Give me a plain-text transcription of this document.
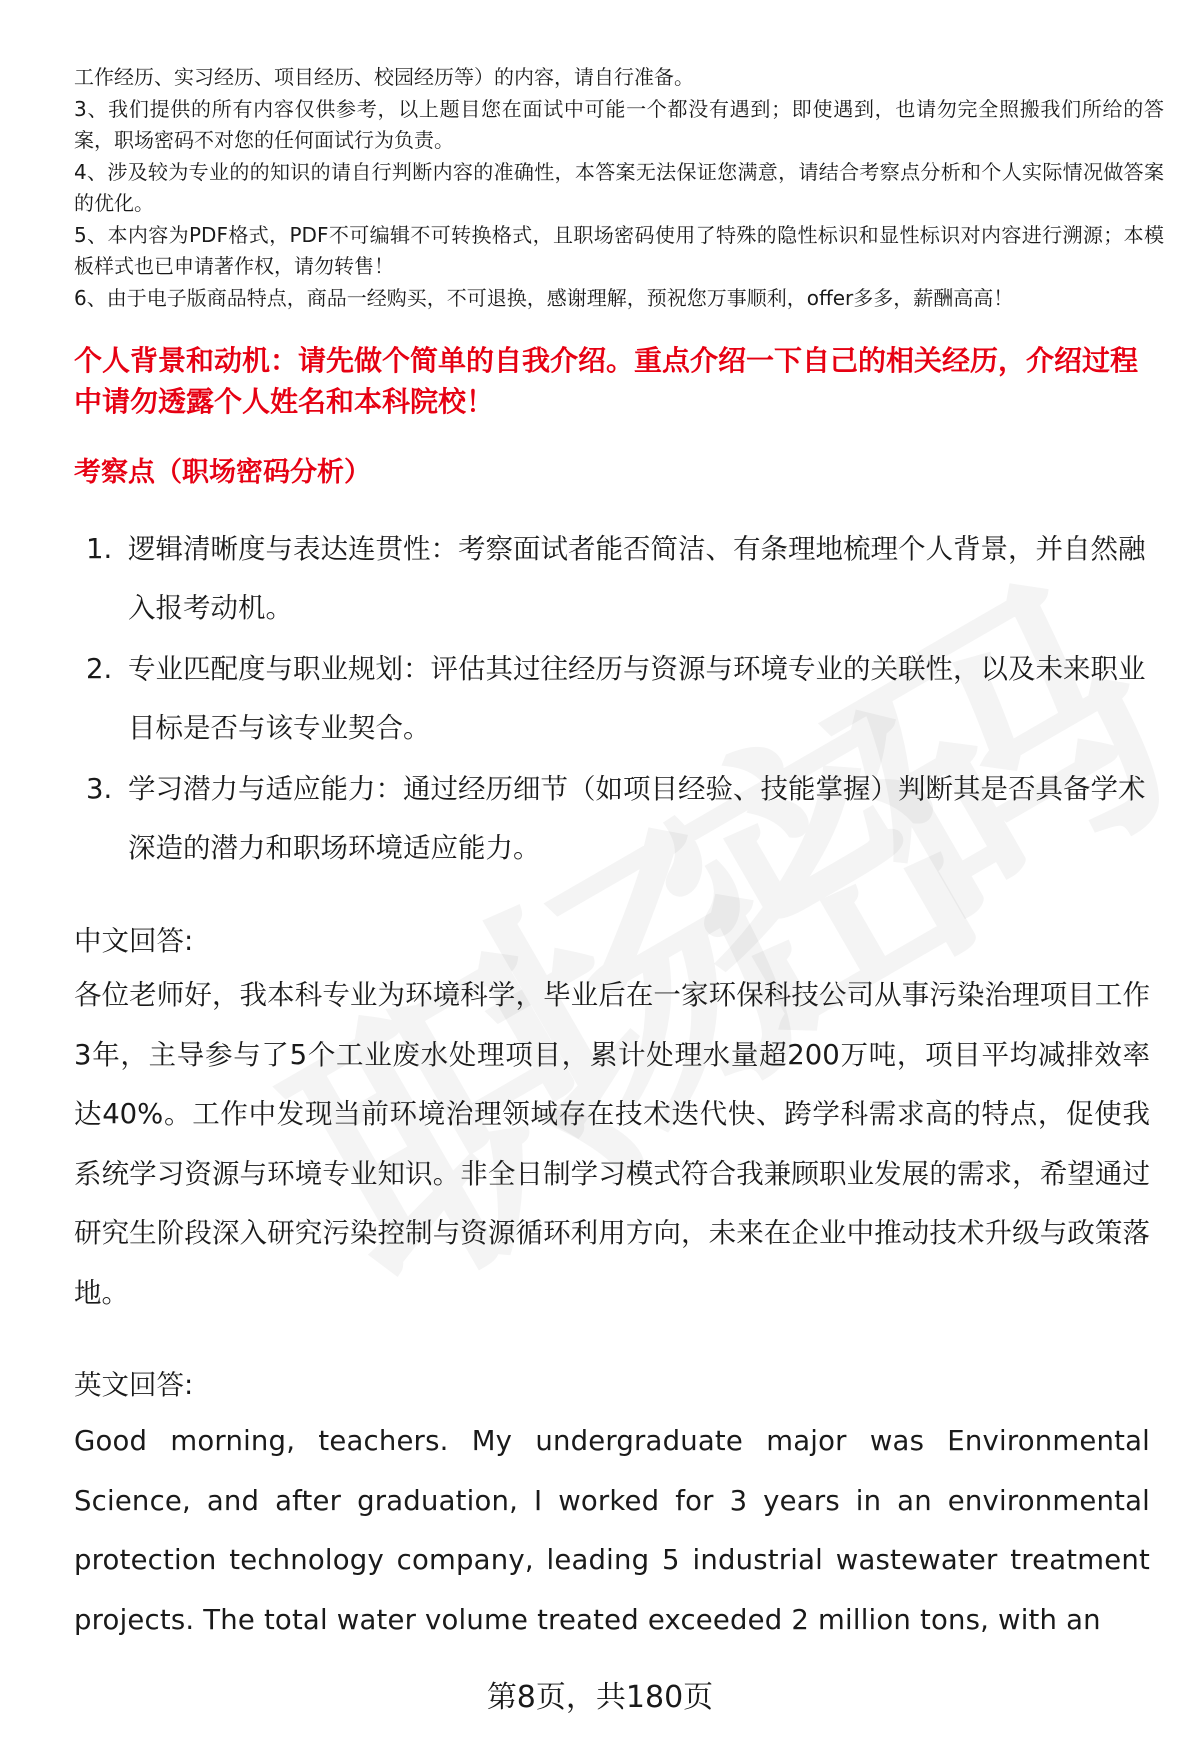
工作经历、实习经历、项目经历、校园经历等）的内容，请自行准备。

3、我们提供的所有内容仅供参考，以上题目您在面试中可能一个都没有遇到；即使遇到，也请勿完全照搬我们所给的答案，职场密码不对您的任何面试行为负责。

4、涉及较为专业的的知识的请自行判断内容的准确性，本答案无法保证您满意，请结合考察点分析和个人实际情况做答案的优化。

5、本内容为PDF格式，PDF不可编辑不可转换格式，且职场密码使用了特殊的隐性标识和显性标识对内容进行溯源；本模板样式也已申请著作权，请勿转售！

6、由于电子版商品特点，商品一经购买，不可退换，感谢理解，预祝您万事顺利，offer多多，薪酬高高！

个人背景和动机：请先做个简单的自我介绍。重点介绍一下自己的相关经历，介绍过程中请勿透露个人姓名和本科院校！

考察点（职场密码分析）

1. 逻辑清晰度与表达连贯性：考察面试者能否简洁、有条理地梳理个人背景，并自然融入报考动机。
2. 专业匹配度与职业规划：评估其过往经历与资源与环境专业的关联性，以及未来职业目标是否与该专业契合。
3. 学习潜力与适应能力：通过经历细节（如项目经验、技能掌握）判断其是否具备学术深造的潜力和职场环境适应能力。

中文回答:

各位老师好，我本科专业为环境科学，毕业后在一家环保科技公司从事污染治理项目工作3年，主导参与了5个工业废水处理项目，累计处理水量超200万吨，项目平均减排效率达40%。工作中发现当前环境治理领域存在技术迭代快、跨学科需求高的特点，促使我系统学习资源与环境专业知识。非全日制学习模式符合我兼顾职业发展的需求，希望通过研究生阶段深入研究污染控制与资源循环利用方向，未来在企业中推动技术升级与政策落地。

英文回答:

Good morning, teachers. My undergraduate major was Environmental Science, and after graduation, I worked for 3 years in an environmental protection technology company, leading 5 industrial wastewater treatment projects. The total water volume treated exceeded 2 million tons, with an

第8页，共180页
